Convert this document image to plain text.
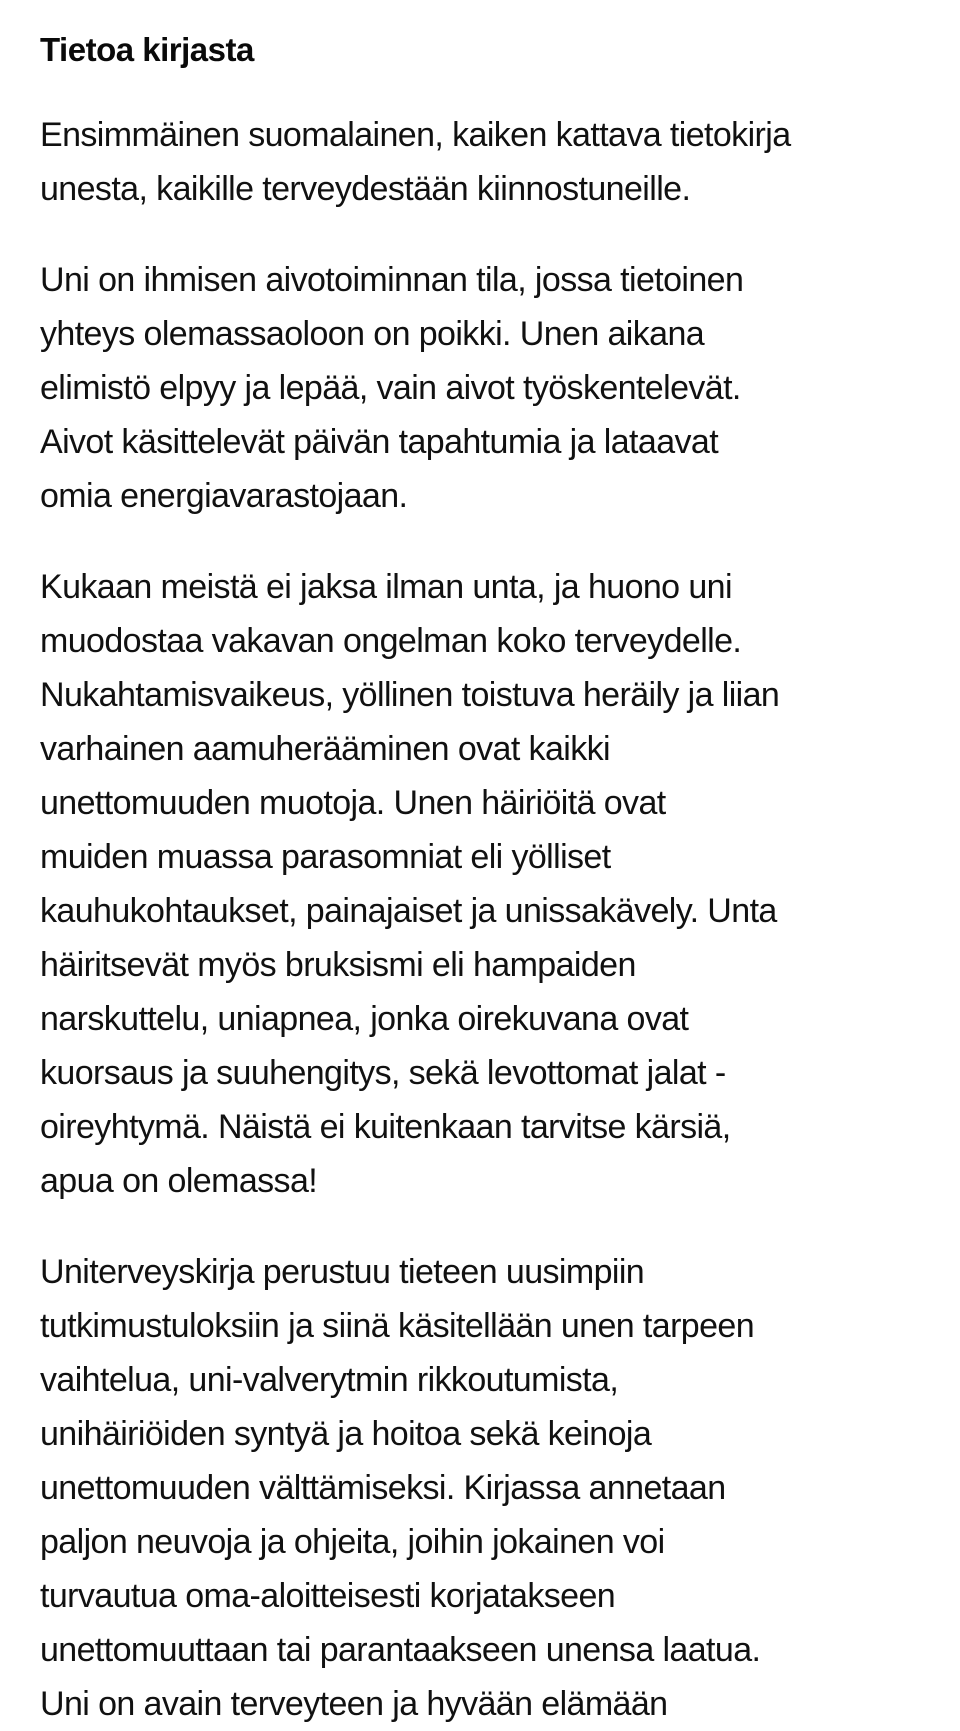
Tietoa kirjasta

Ensimmäinen suomalainen, kaiken kattava tietokirja
unesta, kaikille terveydestään kiinnostuneille.

Uni on ihmisen aivotoiminnan tila, jossa tietoinen
yhteys olemassaoloon on poikki. Unen aikana
elimistö elpyy ja lepää, vain aivot työskentelevät.
Aivot käsittelevät päivän tapahtumia ja lataavat
omia energiavarastojaan.

Kukaan meistä ei jaksa ilman unta, ja huono uni
muodostaa vakavan ongelman koko terveydelle.
Nukahtamisvaikeus, yöllinen toistuva heräily ja liian
varhainen aamuherääminen ovat kaikki
unettomuuden muotoja. Unen häiriöitä ovat
muiden muassa parasomniat eli yölliset
kauhukohtaukset, painajaiset ja unissakävely. Unta
häiritsevät myös bruksismi eli hampaiden
narskuttelu, uniapnea, jonka oirekuvana ovat
kuorsaus ja suuhengitys, sekä levottomat jalat -
oireyhtymä. Näistä ei kuitenkaan tarvitse kärsiä,
apua on olemassa!

Uniterveyskirja perustuu tieteen uusimpiin
tutkimustuloksiin ja siinä käsitellään unen tarpeen
vaihtelua, uni-valverytmin rikkoutumista,
unihäiriöiden syntyä ja hoitoa sekä keinoja
unettomuuden välttämiseksi. Kirjassa annetaan
paljon neuvoja ja ohjeita, joihin jokainen voi
turvautua oma-aloitteisesti korjatakseen
unettomuuttaan tai parantaakseen unensa laatua.
Uni on avain terveyteen ja hyvään elämään
